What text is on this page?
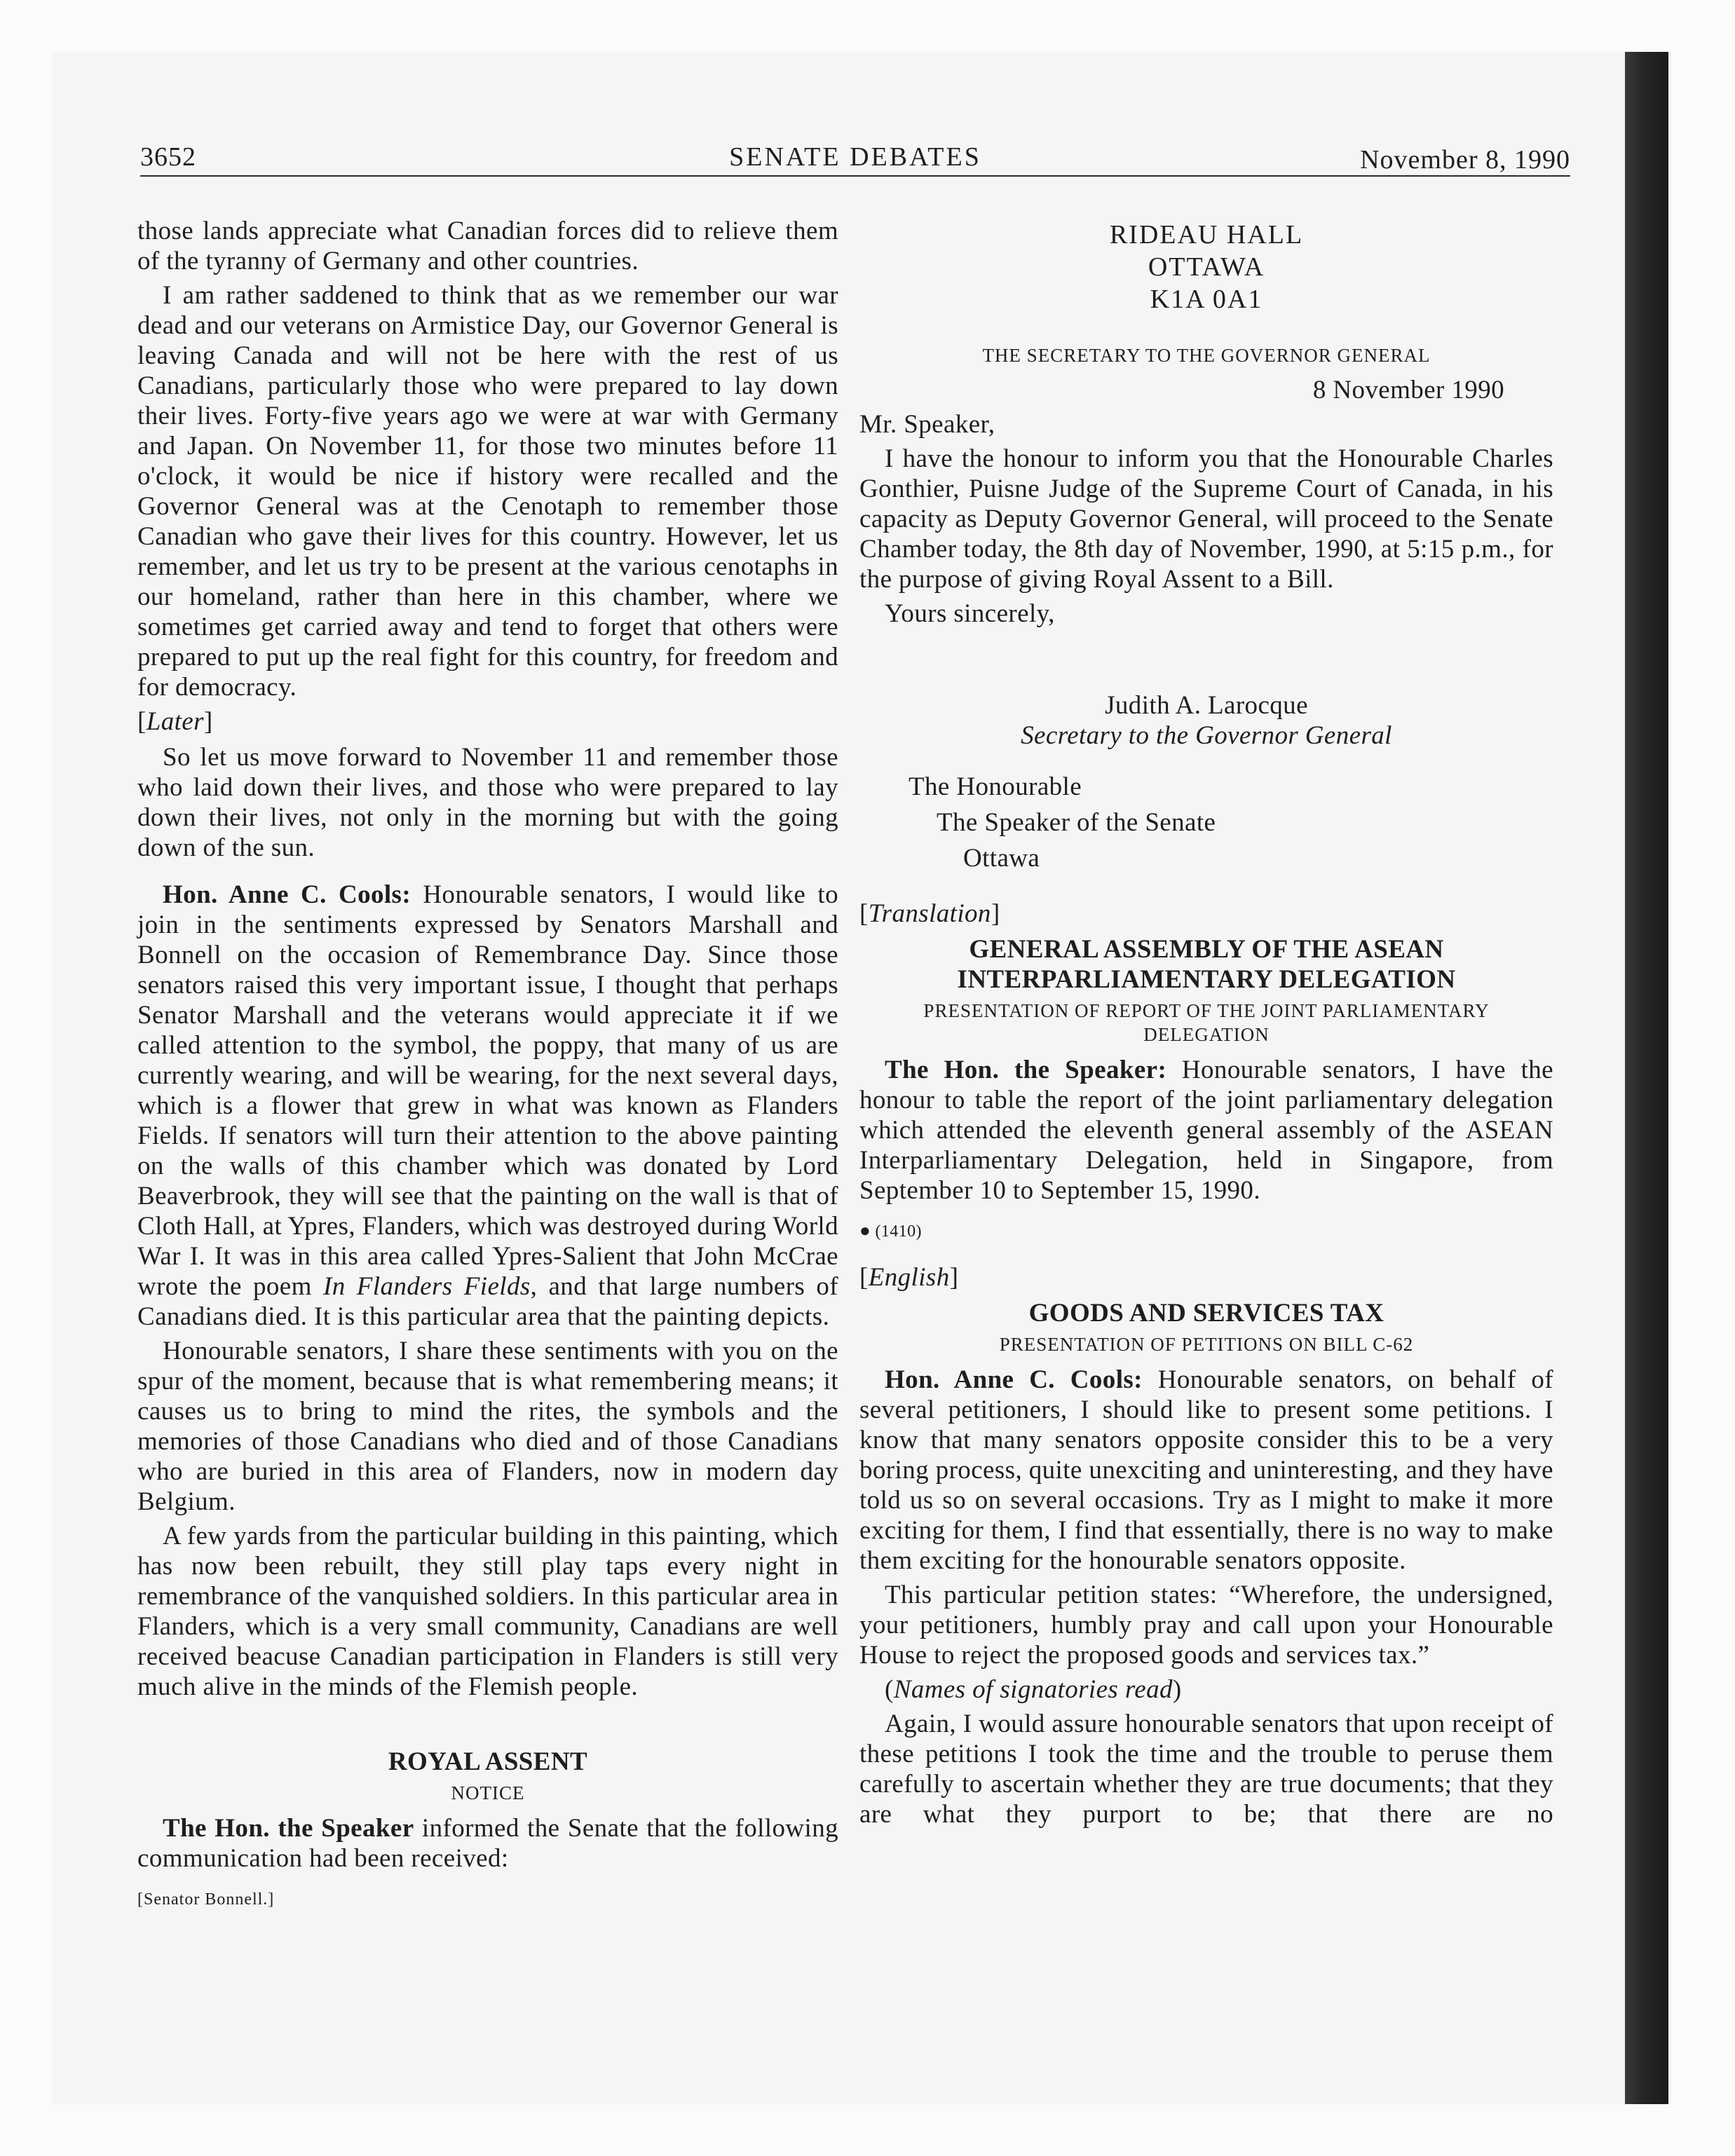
3652	SENATE DEBATES	November 8, 1990

those lands appreciate what Canadian forces did to relieve them of the tyranny of Germany and other countries.

I am rather saddened to think that as we remember our war dead and our veterans on Armistice Day, our Governor General is leaving Canada and will not be here with the rest of us Canadians, particularly those who were prepared to lay down their lives. Forty-five years ago we were at war with Germany and Japan. On November 11, for those two minutes before 11 o'clock, it would be nice if history were recalled and the Governor General was at the Cenotaph to remember those Canadian who gave their lives for this country. However, let us remember, and let us try to be present at the various cenotaphs in our homeland, rather than here in this chamber, where we sometimes get carried away and tend to forget that others were prepared to put up the real fight for this country, for freedom and for democracy.

[Later]

So let us move forward to November 11 and remember those who laid down their lives, and those who were prepared to lay down their lives, not only in the morning but with the going down of the sun.

Hon. Anne C. Cools: Honourable senators, I would like to join in the sentiments expressed by Senators Marshall and Bonnell on the occasion of Remembrance Day. Since those senators raised this very important issue, I thought that perhaps Senator Marshall and the veterans would appreciate it if we called attention to the symbol, the poppy, that many of us are currently wearing, and will be wearing, for the next several days, which is a flower that grew in what was known as Flanders Fields. If senators will turn their attention to the above painting on the walls of this chamber which was donated by Lord Beaverbrook, they will see that the painting on the wall is that of Cloth Hall, at Ypres, Flanders, which was destroyed during World War I. It was in this area called Ypres-Salient that John McCrae wrote the poem In Flanders Fields, and that large numbers of Canadians died. It is this particular area that the painting depicts.

Honourable senators, I share these sentiments with you on the spur of the moment, because that is what remembering means; it causes us to bring to mind the rites, the symbols and the memories of those Canadians who died and of those Canadians who are buried in this area of Flanders, now in modern day Belgium.

A few yards from the particular building in this painting, which has now been rebuilt, they still play taps every night in remembrance of the vanquished soldiers. In this particular area in Flanders, which is a very small community, Canadians are well received beacuse Canadian participation in Flanders is still very much alive in the minds of the Flemish people.

ROYAL ASSENT
NOTICE

The Hon. the Speaker informed the Senate that the following communication had been received:

[Senator Bonnell.]
RIDEAU HALL
OTTAWA
K1A 0A1
THE SECRETARY TO THE GOVERNOR GENERAL
8 November 1990

Mr. Speaker,

I have the honour to inform you that the Honourable Charles Gonthier, Puisne Judge of the Supreme Court of Canada, in his capacity as Deputy Governor General, will proceed to the Senate Chamber today, the 8th day of November, 1990, at 5:15 p.m., for the purpose of giving Royal Assent to a Bill.

Yours sincerely,

Judith A. Larocque
Secretary to the Governor General
The Honourable
The Speaker of the Senate
Ottawa
[Translation]
GENERAL ASSEMBLY OF THE ASEAN INTERPARLIAMENTARY DELEGATION
PRESENTATION OF REPORT OF THE JOINT PARLIAMENTARY DELEGATION

The Hon. the Speaker: Honourable senators, I have the honour to table the report of the joint parliamentary delegation which attended the eleventh general assembly of the ASEAN Interparliamentary Delegation, held in Singapore, from September 10 to September 15, 1990.

● (1410)
[English]
GOODS AND SERVICES TAX
PRESENTATION OF PETITIONS ON BILL C-62

Hon. Anne C. Cools: Honourable senators, on behalf of several petitioners, I should like to present some petitions. I know that many senators opposite consider this to be a very boring process, quite unexciting and uninteresting, and they have told us so on several occasions. Try as I might to make it more exciting for them, I find that essentially, there is no way to make them exciting for the honourable senators opposite.

This particular petition states: “Wherefore, the undersigned, your petitioners, humbly pray and call upon your Honourable House to reject the proposed goods and services tax.”

(Names of signatories read)

Again, I would assure honourable senators that upon receipt of these petitions I took the time and the trouble to peruse them carefully to ascertain whether they are true documents; that they are what they purport to be; that there are no
